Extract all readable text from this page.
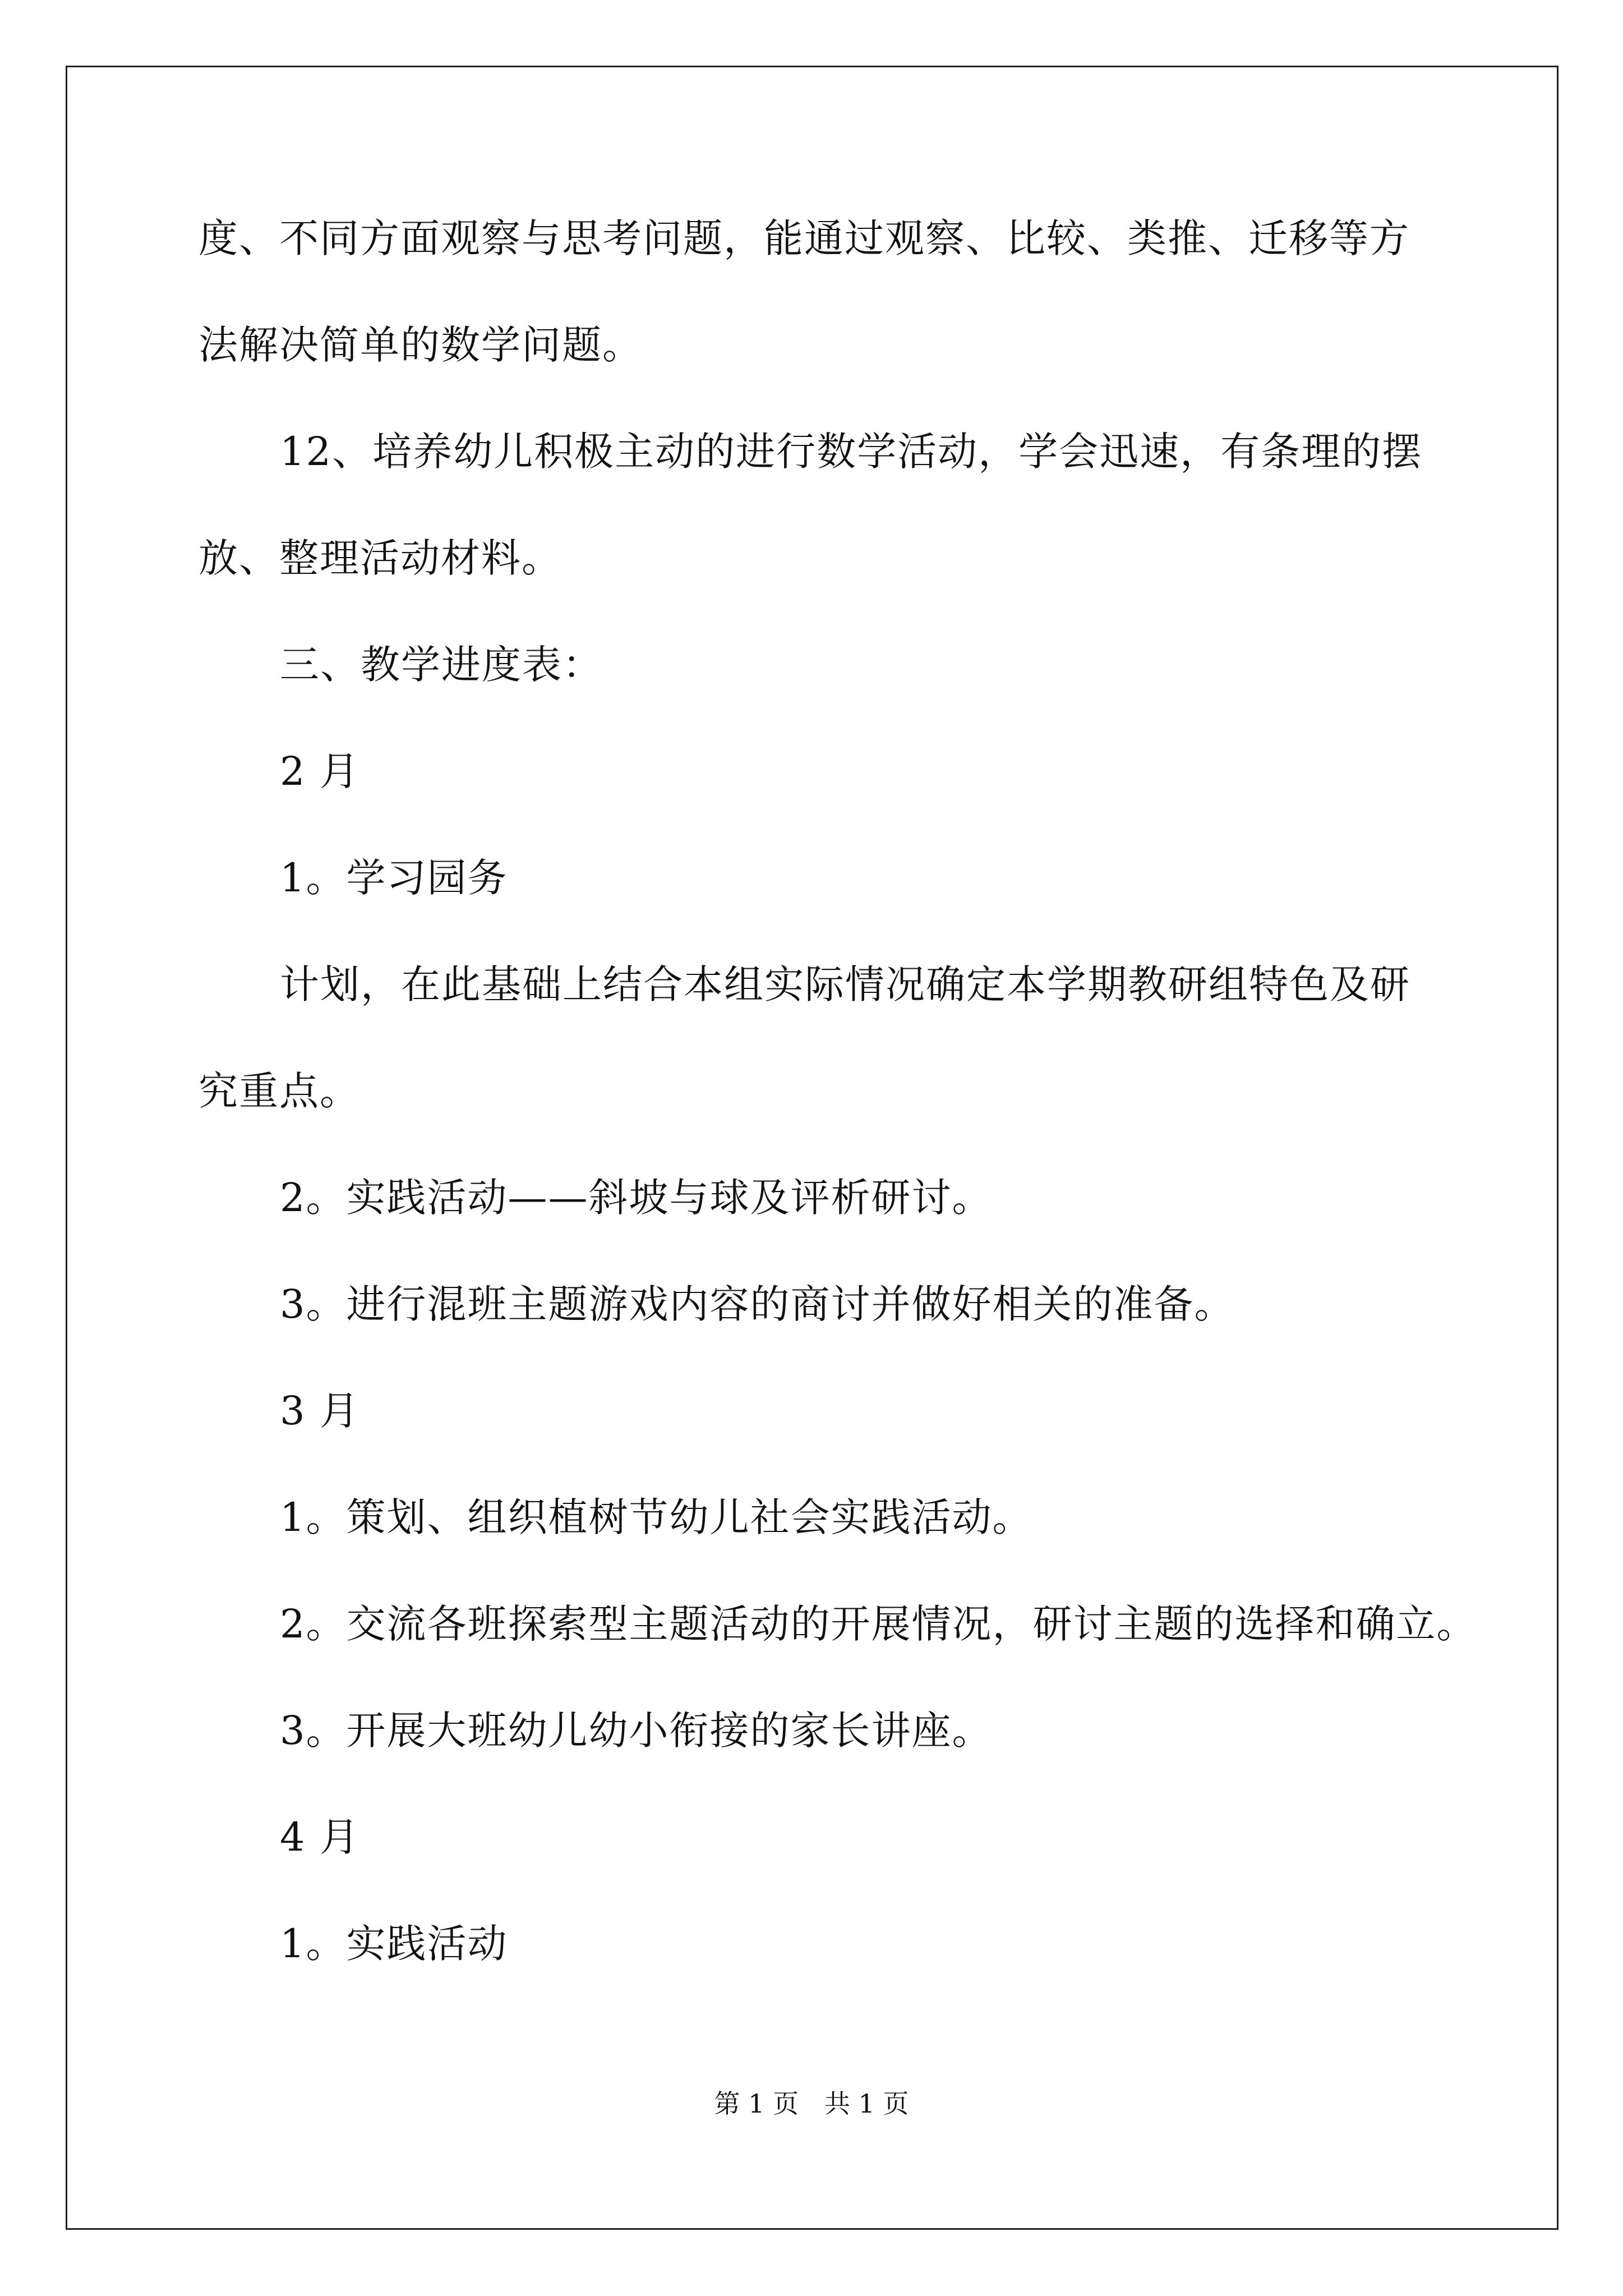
度、不同方面观察与思考问题，能通过观察、比较、类推、迁移等方
法解决简单的数学问题。
12、培养幼儿积极主动的进行数学活动，学会迅速，有条理的摆
放、整理活动材料。
三、教学进度表：
2 月
1。学习园务
计划，在此基础上结合本组实际情况确定本学期教研组特色及研
究重点。
2。实践活动——斜坡与球及评析研讨。
3。进行混班主题游戏内容的商讨并做好相关的准备。
3 月
1。策划、组织植树节幼儿社会实践活动。
2。交流各班探索型主题活动的开展情况，研讨主题的选择和确立。
3。开展大班幼儿幼小衔接的家长讲座。
4 月
1。实践活动
第 1 页　共 1 页
